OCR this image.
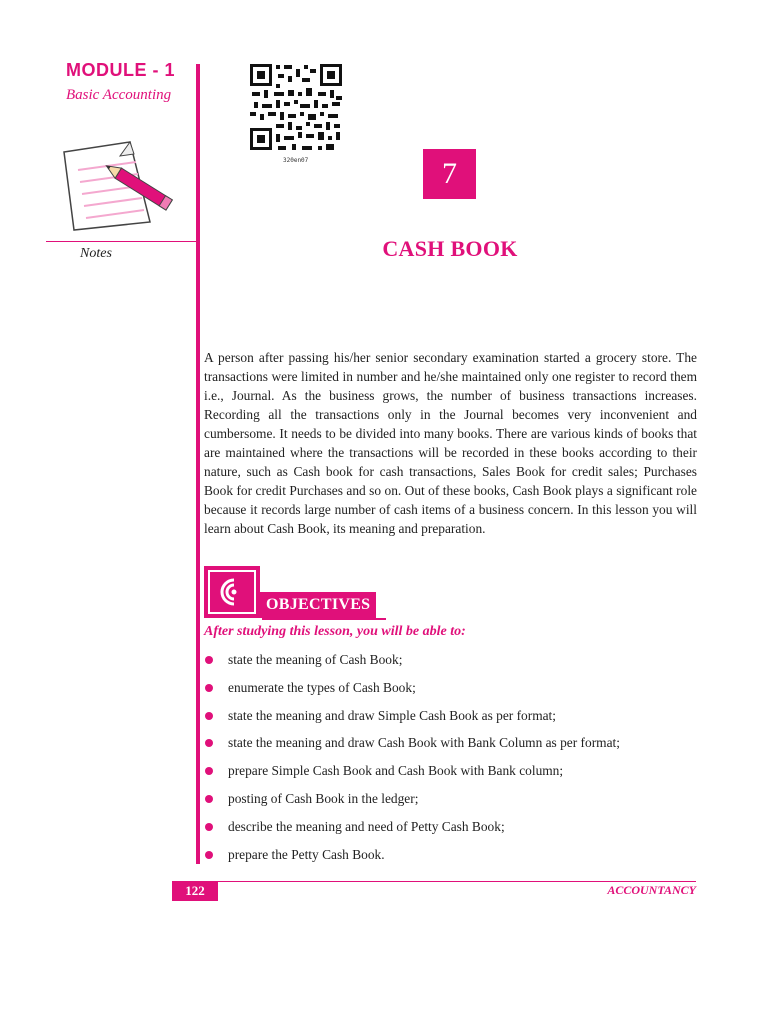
MODULE - 1
Basic Accounting
Notes
320en07	7
CASH BOOK

A person after passing his/her senior secondary examination started a grocery store. The transactions were limited in number and he/she maintained only one register to record them i.e., Journal. As the business grows, the number of business transactions increases. Recording all the transactions only in the Journal becomes very inconvenient and cumbersome. It needs to be divided into many books. There are various kinds of books that are maintained where the transactions will be recorded in these books according to their nature, such as Cash book for cash transactions, Sales Book for credit sales; Purchases Book for credit Purchases and so on. Out of these books, Cash Book plays a significant role because it records large number of cash items of a business concern. In this lesson you will learn about Cash Book, its meaning and preparation.

OBJECTIVES
After studying this lesson, you will be able to:
state the meaning of Cash Book;
enumerate the types of Cash Book;
state the meaning and draw Simple Cash Book as per format;
state the meaning and draw Cash Book with Bank Column as per format;
prepare Simple Cash Book and Cash Book with Bank column;
posting of Cash Book in the ledger;
describe the meaning and need of Petty Cash Book;
prepare the Petty Cash Book.
122	ACCOUNTANCY
